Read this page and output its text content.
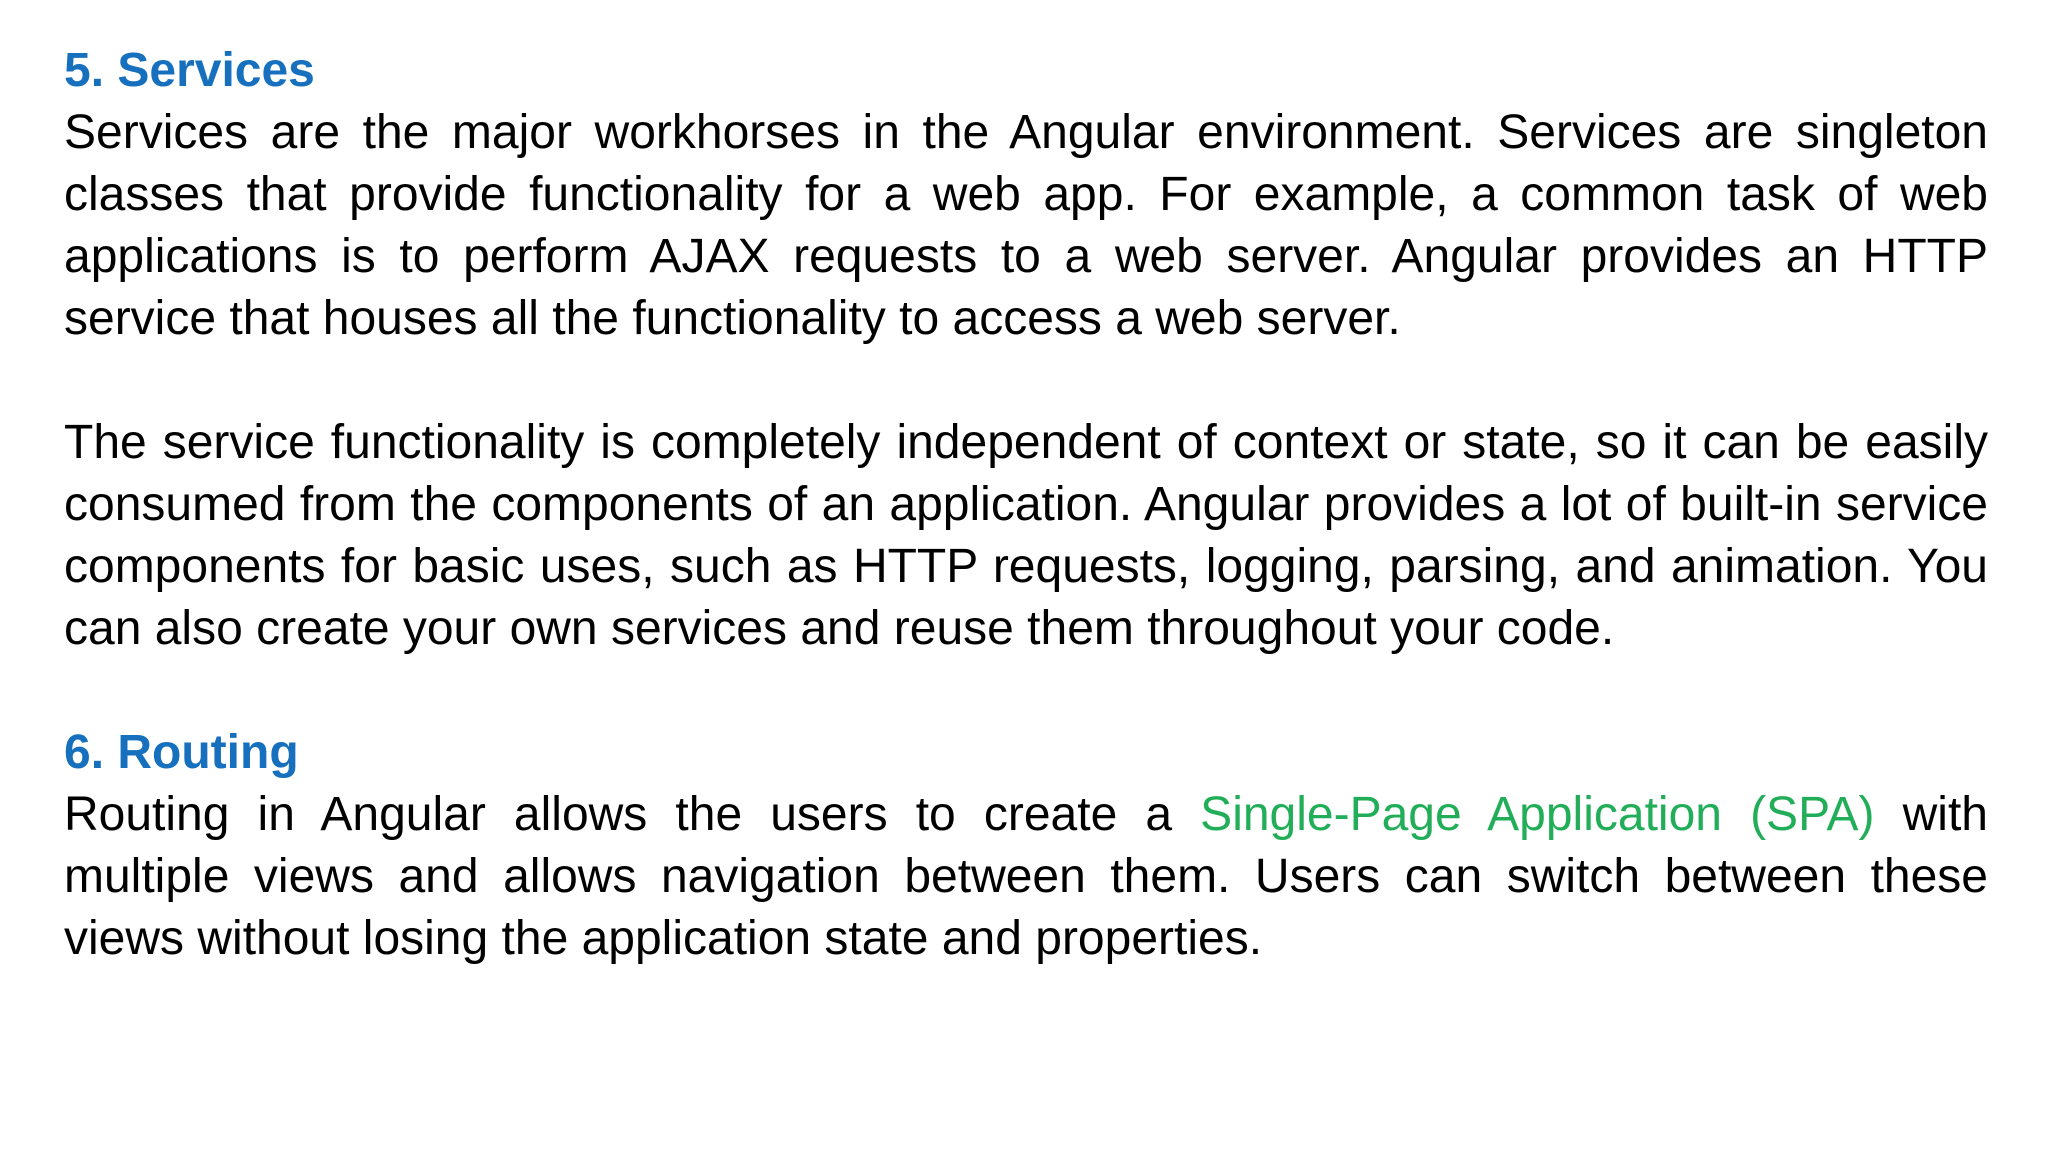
5. Services

Services are the major workhorses in the Angular environment. Services are singleton classes that provide functionality for a web app. For example, a common task of web applications is to perform AJAX requests to a web server. Angular provides an HTTP service that houses all the functionality to access a web server.

The service functionality is completely independent of context or state, so it can be easily consumed from the components of an application. Angular provides a lot of built-in service components for basic uses, such as HTTP requests, logging, parsing, and animation. You can also create your own services and reuse them throughout your code.

6. Routing

Routing in Angular allows the users to create a Single-Page Application (SPA) with multiple views and allows navigation between them. Users can switch between these views without losing the application state and properties.
